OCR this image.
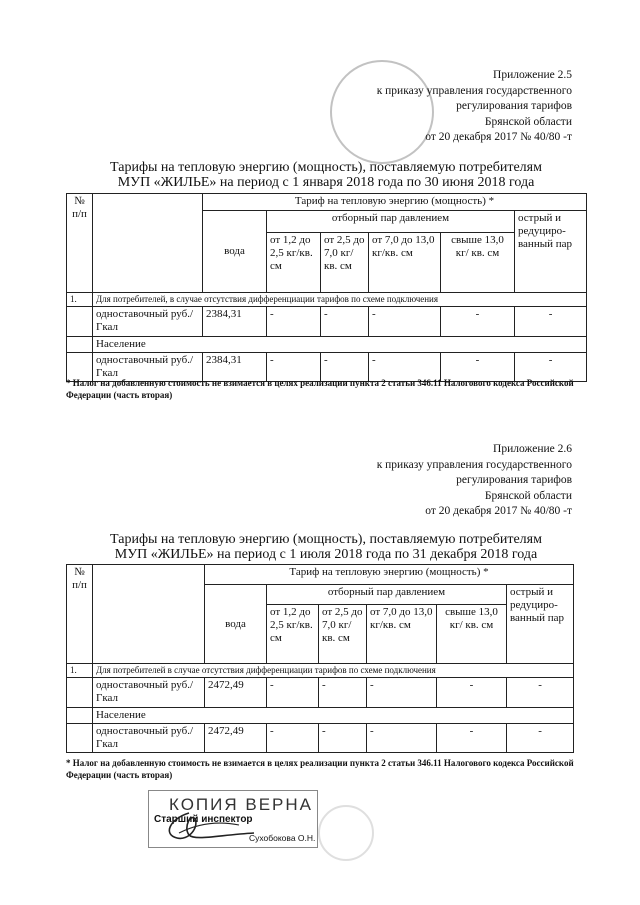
Приложение 2.5
к приказу управления государственного
регулирования тарифов
Брянской области
от 20 декабря 2017 № 40/80 -т
Тарифы на тепловую энергию (мощность), поставляемую потребителям
МУП «ЖИЛЬЕ» на период с 1 января 2018 года по 30 июня 2018 года
№ п/п		Тариф на тепловую энергию (мощность) *					
		вода	отборный пар давлением				острый и редуциро-ванный пар
			от 1,2 до 2,5 кг/кв. см	от 2,5 до 7,0 кг/кв. см	от 7,0 до 13,0 кг/кв. см	свыше 13,0 кг/ кв. см	
1.	Для потребителей, в случае отсутствия дифференциации тарифов по схеме подключения						
	одноставочный руб./Гкал	2384,31	-	-	-	-	-
	Население						
	одноставочный руб./Гкал	2384,31	-	-	-	-	-
* Налог на добавленную стоимость не взимается в целях реализации пункта 2 статьи 346.11 Налогового кодекса Российской Федерации (часть вторая)
Приложение 2.6
к приказу управления государственного
регулирования тарифов
Брянской области
от 20 декабря 2017 № 40/80 -т
Тарифы на тепловую энергию (мощность), поставляемую потребителям
МУП «ЖИЛЬЕ» на период с 1 июля 2018 года по 31 декабря 2018 года
№ п/п		Тариф на тепловую энергию (мощность) *					
		вода	отборный пар давлением				острый и редуциро-ванный пар
			от 1,2 до 2,5 кг/кв. см	от 2,5 до 7,0 кг/кв. см	от 7,0 до 13,0 кг/кв. см	свыше 13,0 кг/ кв. см	
1.	Для потребителей в случае отсутствия дифференциации тарифов по схеме подключения						
	одноставочный руб./Гкал	2472,49	-	-	-	-	-
	Население						
	одноставочный руб./Гкал	2472,49	-	-	-	-	-
* Налог на добавленную стоимость не взимается в целях реализации пункта 2 статьи 346.11 Налогового кодекса Российской Федерации (часть вторая)
КОПИЯ ВЕРНА
Старший инспектор
Сухобокова О.Н.
